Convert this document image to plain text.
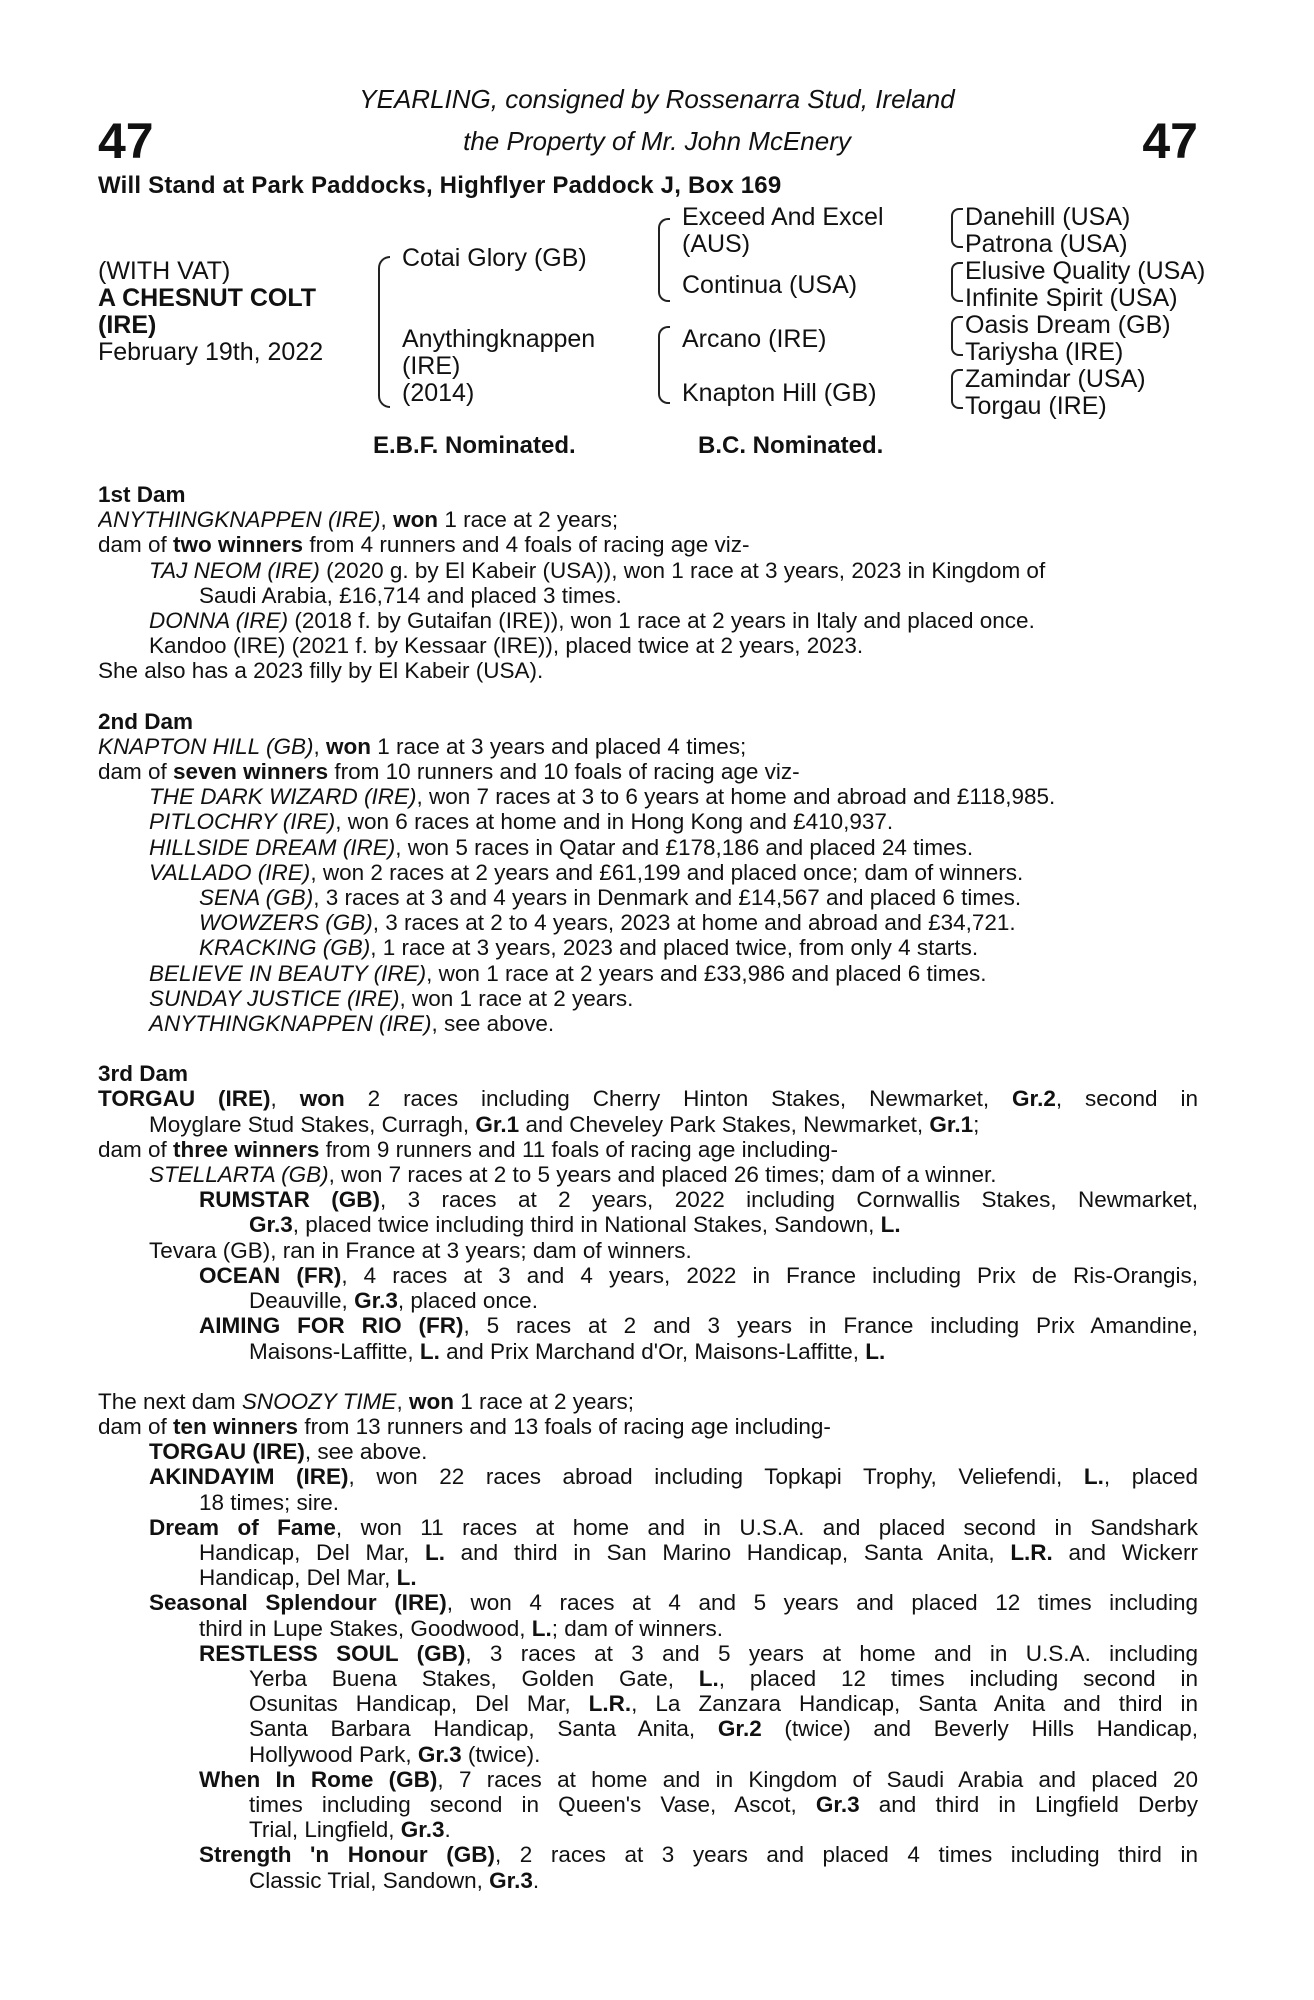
47	47
YEARLING, consigned by Rossenarra Stud, Ireland
the Property of Mr. John McEnery
Will Stand at Park Paddocks, Highflyer Paddock J, Box 169
(WITH VAT)
A CHESNUT COLT
(IRE)
February 19th, 2022
Cotai Glory (GB)
Anythingknappen
(IRE)
(2014)
Exceed And Excel
(AUS)
Continua (USA)
Arcano (IRE)
Knapton Hill (GB)
Danehill (USA)
Patrona (USA)
Elusive Quality (USA)
Infinite Spirit (USA)
Oasis Dream (GB)
Tariysha (IRE)
Zamindar (USA)
Torgau (IRE)
E.B.F. Nominated.	B.C. Nominated.
1st Dam
ANYTHINGKNAPPEN (IRE), won 1 race at 2 years;
dam of two winners from 4 runners and 4 foals of racing age viz-
TAJ NEOM (IRE) (2020 g. by El Kabeir (USA)), won 1 race at 3 years, 2023 in Kingdom of
Saudi Arabia, £16,714 and placed 3 times.
DONNA (IRE) (2018 f. by Gutaifan (IRE)), won 1 race at 2 years in Italy and placed once.
Kandoo (IRE) (2021 f. by Kessaar (IRE)), placed twice at 2 years, 2023.
She also has a 2023 filly by El Kabeir (USA).
2nd Dam
KNAPTON HILL (GB), won 1 race at 3 years and placed 4 times;
dam of seven winners from 10 runners and 10 foals of racing age viz-
THE DARK WIZARD (IRE), won 7 races at 3 to 6 years at home and abroad and £118,985.
PITLOCHRY (IRE), won 6 races at home and in Hong Kong and £410,937.
HILLSIDE DREAM (IRE), won 5 races in Qatar and £178,186 and placed 24 times.
VALLADO (IRE), won 2 races at 2 years and £61,199 and placed once; dam of winners.
SENA (GB), 3 races at 3 and 4 years in Denmark and £14,567 and placed 6 times.
WOWZERS (GB), 3 races at 2 to 4 years, 2023 at home and abroad and £34,721.
KRACKING (GB), 1 race at 3 years, 2023 and placed twice, from only 4 starts.
BELIEVE IN BEAUTY (IRE), won 1 race at 2 years and £33,986 and placed 6 times.
SUNDAY JUSTICE (IRE), won 1 race at 2 years.
ANYTHINGKNAPPEN (IRE), see above.
3rd Dam
TORGAU (IRE), won 2 races including Cherry Hinton Stakes, Newmarket, Gr.2, second in
Moyglare Stud Stakes, Curragh, Gr.1 and Cheveley Park Stakes, Newmarket, Gr.1;
dam of three winners from 9 runners and 11 foals of racing age including-
STELLARTA (GB), won 7 races at 2 to 5 years and placed 26 times; dam of a winner.
RUMSTAR (GB), 3 races at 2 years, 2022 including Cornwallis Stakes, Newmarket,
Gr.3, placed twice including third in National Stakes, Sandown, L.
Tevara (GB), ran in France at 3 years; dam of winners.
OCEAN (FR), 4 races at 3 and 4 years, 2022 in France including Prix de Ris-Orangis,
Deauville, Gr.3, placed once.
AIMING FOR RIO (FR), 5 races at 2 and 3 years in France including Prix Amandine,
Maisons-Laffitte, L. and Prix Marchand d'Or, Maisons-Laffitte, L.
The next dam SNOOZY TIME, won 1 race at 2 years;
dam of ten winners from 13 runners and 13 foals of racing age including-
TORGAU (IRE), see above.
AKINDAYIM (IRE), won 22 races abroad including Topkapi Trophy, Veliefendi, L., placed
18 times; sire.
Dream of Fame, won 11 races at home and in U.S.A. and placed second in Sandshark
Handicap, Del Mar, L. and third in San Marino Handicap, Santa Anita, L.R. and Wickerr
Handicap, Del Mar, L.
Seasonal Splendour (IRE), won 4 races at 4 and 5 years and placed 12 times including
third in Lupe Stakes, Goodwood, L.; dam of winners.
RESTLESS SOUL (GB), 3 races at 3 and 5 years at home and in U.S.A. including
Yerba Buena Stakes, Golden Gate, L., placed 12 times including second in
Osunitas Handicap, Del Mar, L.R., La Zanzara Handicap, Santa Anita and third in
Santa Barbara Handicap, Santa Anita, Gr.2 (twice) and Beverly Hills Handicap,
Hollywood Park, Gr.3 (twice).
When In Rome (GB), 7 races at home and in Kingdom of Saudi Arabia and placed 20
times including second in Queen's Vase, Ascot, Gr.3 and third in Lingfield Derby
Trial, Lingfield, Gr.3.
Strength 'n Honour (GB), 2 races at 3 years and placed 4 times including third in
Classic Trial, Sandown, Gr.3.
